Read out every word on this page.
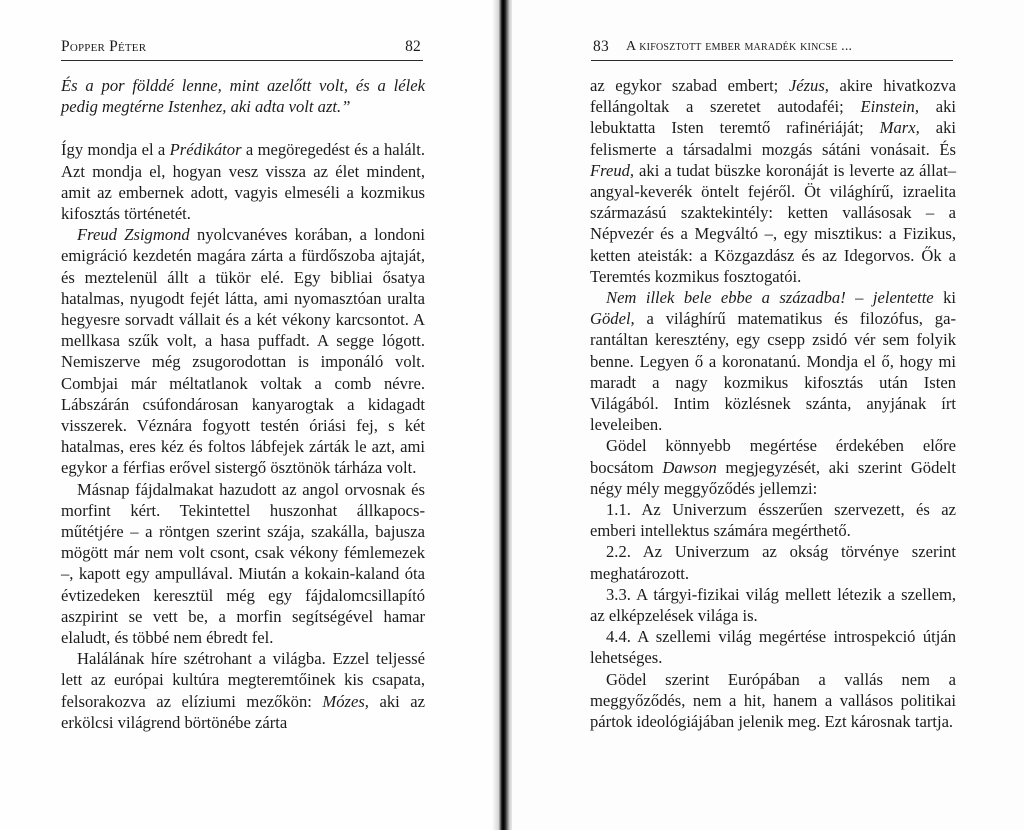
Popper Péter	82

És a por földdé lenne, mint azelőtt volt, és a lélek pedig megtérne Istenhez, aki adta volt azt.”

Így mondja el a Prédikátor a megöregedést és a halált. Azt mondja el, hogyan vesz vissza az élet mindent, amit az embernek adott, vagyis elmeséli a kozmikus kifosztás történetét.

Freud Zsigmond nyolcvanéves korában, a londoni emigráció kezdetén magára zárta a fürdőszoba ajtaját, és meztelenül állt a tükör elé. Egy bibliai ősatya hatalmas, nyugodt fejét látta, ami nyomasztóan uralta hegyesre sorvadt vállait és a két vékony karcsontot. A mellkasa szűk volt, a hasa puffadt. A segge lógott. Nemiszerve még zsugorodottan is imponáló volt. Combjai már méltatlanok voltak a comb névre. Lábszárán csúfondárosan kanyarogtak a kidagadt visszerek. Véznára fogyott testén óriási fej, s két hatalmas, eres kéz és foltos lábfejek zárták le azt, ami egykor a férfias erővel sistergő ösztönök tárháza volt.

Másnap fájdalmakat hazudott az angol orvosnak és morfint kért. Tekintettel huszonhat állkapocs-műtétjére – a röntgen szerint szája, szakálla, bajusza mögött már nem volt csont, csak vékony fémlemezek –, kapott egy ampullával. Miután a kokain-kaland óta évtizedeken keresztül még egy fájdalomcsillapító aszpirint se vett be, a morfin segítségével hamar elaludt, és többé nem ébredt fel.

Halálának híre szétrohant a világba. Ezzel teljessé lett az európai kultúra megteremtőinek kis csapata, felsorakozva az elíziumi mezőkön: Mózes, aki az erkölcsi világrend börtönébe zárta

83 A kifosztott ember maradék kincse ...

az egykor szabad embert; Jézus, akire hivatkozva fellángoltak a szeretet autodaféi; Einstein, aki lebuktatta Isten teremtő rafinériáját; Marx, aki felismerte a társadalmi mozgás sátáni vonásait. És Freud, aki a tudat büszke koronáját is leverte az állat–angyal-keverék öntelt fejéről. Öt világhírű, izraelita származású szaktekintély: ketten vallásosak – a Népvezér és a Megváltó –, egy misztikus: a Fizikus, ketten ateisták: a Közgazdász és az Idegorvos. Ők a Teremtés kozmikus fosztogatói.

Nem illek bele ebbe a századba! – jelentette ki Gödel, a világhírű matematikus és filozófus, garantáltan keresztény, egy csepp zsidó vér sem folyik benne. Legyen ő a koronatanú. Mondja el ő, hogy mi maradt a nagy kozmikus kifosztás után Isten Világából. Intim közlésnek szánta, anyjának írt leveleiben.

Gödel könnyebb megértése érdekében előre bocsátom Dawson megjegyzését, aki szerint Gödelt négy mély meggyőződés jellemzi:

1.1. Az Univerzum ésszerűen szervezett, és az emberi intellektus számára megérthető.

2.2. Az Univerzum az okság törvénye szerint meghatározott.

3.3. A tárgyi-fizikai világ mellett létezik a szellem, az elképzelések világa is.

4.4. A szellemi világ megértése introspekció útján lehetséges.

Gödel szerint Európában a vallás nem a meggyőződés, nem a hit, hanem a vallásos politikai pártok ideológiájában jelenik meg. Ezt károsnak tartja.
